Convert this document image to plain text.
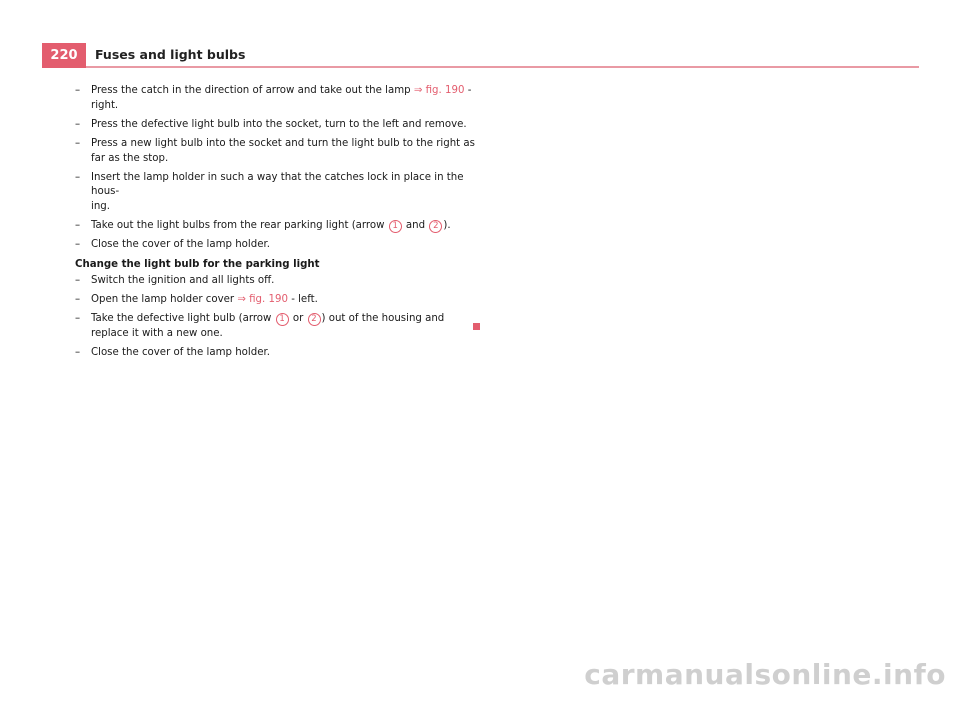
220	Fuses and light bulbs
– Press the catch in the direction of arrow and take out the lamp ⇒ fig. 190 -
right.
– Press the defective light bulb into the socket, turn to the left and remove.
– Press a new light bulb into the socket and turn the light bulb to the right as far as the stop.
– Insert the lamp holder in such a way that the catches lock in place in the hous-
ing.
– Take out the light bulbs from the rear parking light (arrow 1 and 2 ).
– Close the cover of the lamp holder.
Change the light bulb for the parking light
– Switch the ignition and all lights off.
– Open the lamp holder cover ⇒ fig. 190 - left.
– Take the defective light bulb (arrow 1 or 2 ) out of the housing and replace it with a new one.
– Close the cover of the lamp holder.
carmanualsonline.info
